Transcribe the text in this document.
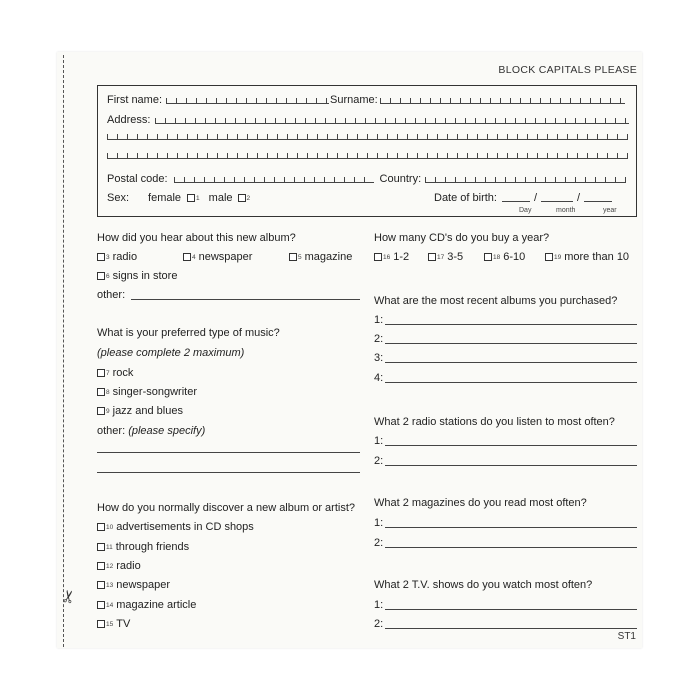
✂
BLOCK CAPITALS PLEASE
First name:	Surname:
Address:
Postal code:	Country:
Sex: female 1 male 2	Date of birth:	/	/
Day	month	year
How did you hear about this new album?
3 radio	4 newspaper	5 magazine
6 signs in store
other:
What is your preferred type of music?
(please complete 2 maximum)
7 rock
8 singer-songwriter
9 jazz and blues
other: (please specify)
How do you normally discover a new album or artist?
10 advertisements in CD shops
11 through friends
12 radio
13 newspaper
14 magazine article
15 TV
How many CD's do you buy a year?
16 1-2	17 3-5	18 6-10	19 more than 10
What are the most recent albums you purchased?
1:
2:
3:
4:
What 2 radio stations do you listen to most often?
1:
2:
What 2 magazines do you read most often?
1:
2:
What 2 T.V. shows do you watch most often?
1:
2:
ST1
